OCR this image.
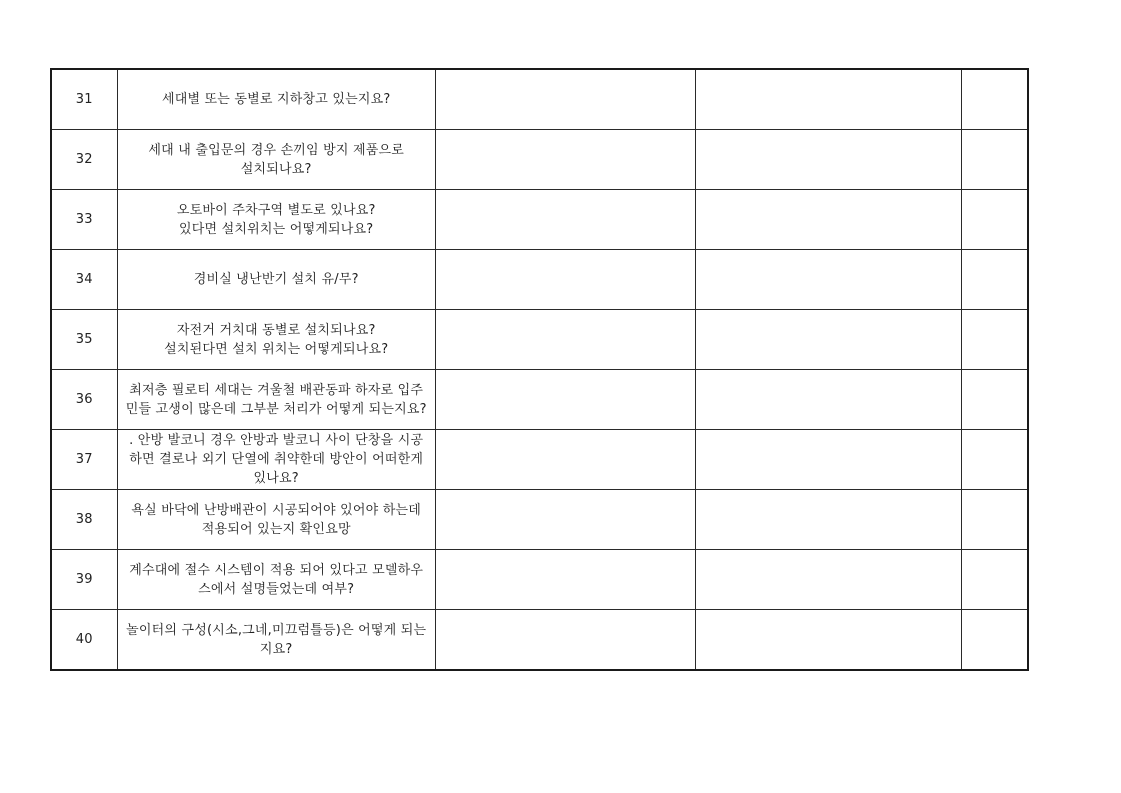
31	세대별 또는 동별로 지하창고 있는지요?			
32	세대 내 출입문의 경우 손끼임 방지 제품으로
설치되나요?			
33	오토바이 주차구역 별도로 있나요?
있다면 설치위치는 어떻게되나요?			
34	경비실 냉난반기 설치 유/무?			
35	자전거 거치대 동별로 설치되나요?
설치된다면 설치 위치는 어떻게되나요?			
36	최저층 필로티 세대는 겨울철 배관동파 하자로 입주
민들 고생이 많은데 그부분 처리가 어떻게 되는지요?			
37	. 안방 발코니 경우 안방과 발코니 사이 단창을 시공
하면 결로나 외기 단열에 취약한데 방안이 어떠한게
있나요?			
38	욕실 바닥에 난방배관이 시공되어야 있어야 하는데
적용되어 있는지 확인요망			
39	계수대에 절수 시스템이 적용 되어 있다고 모델하우
스에서 설명들었는데 여부?			
40	놀이터의 구성(시소,그네,미끄럼틀등)은 어떻게 되는
지요?			
